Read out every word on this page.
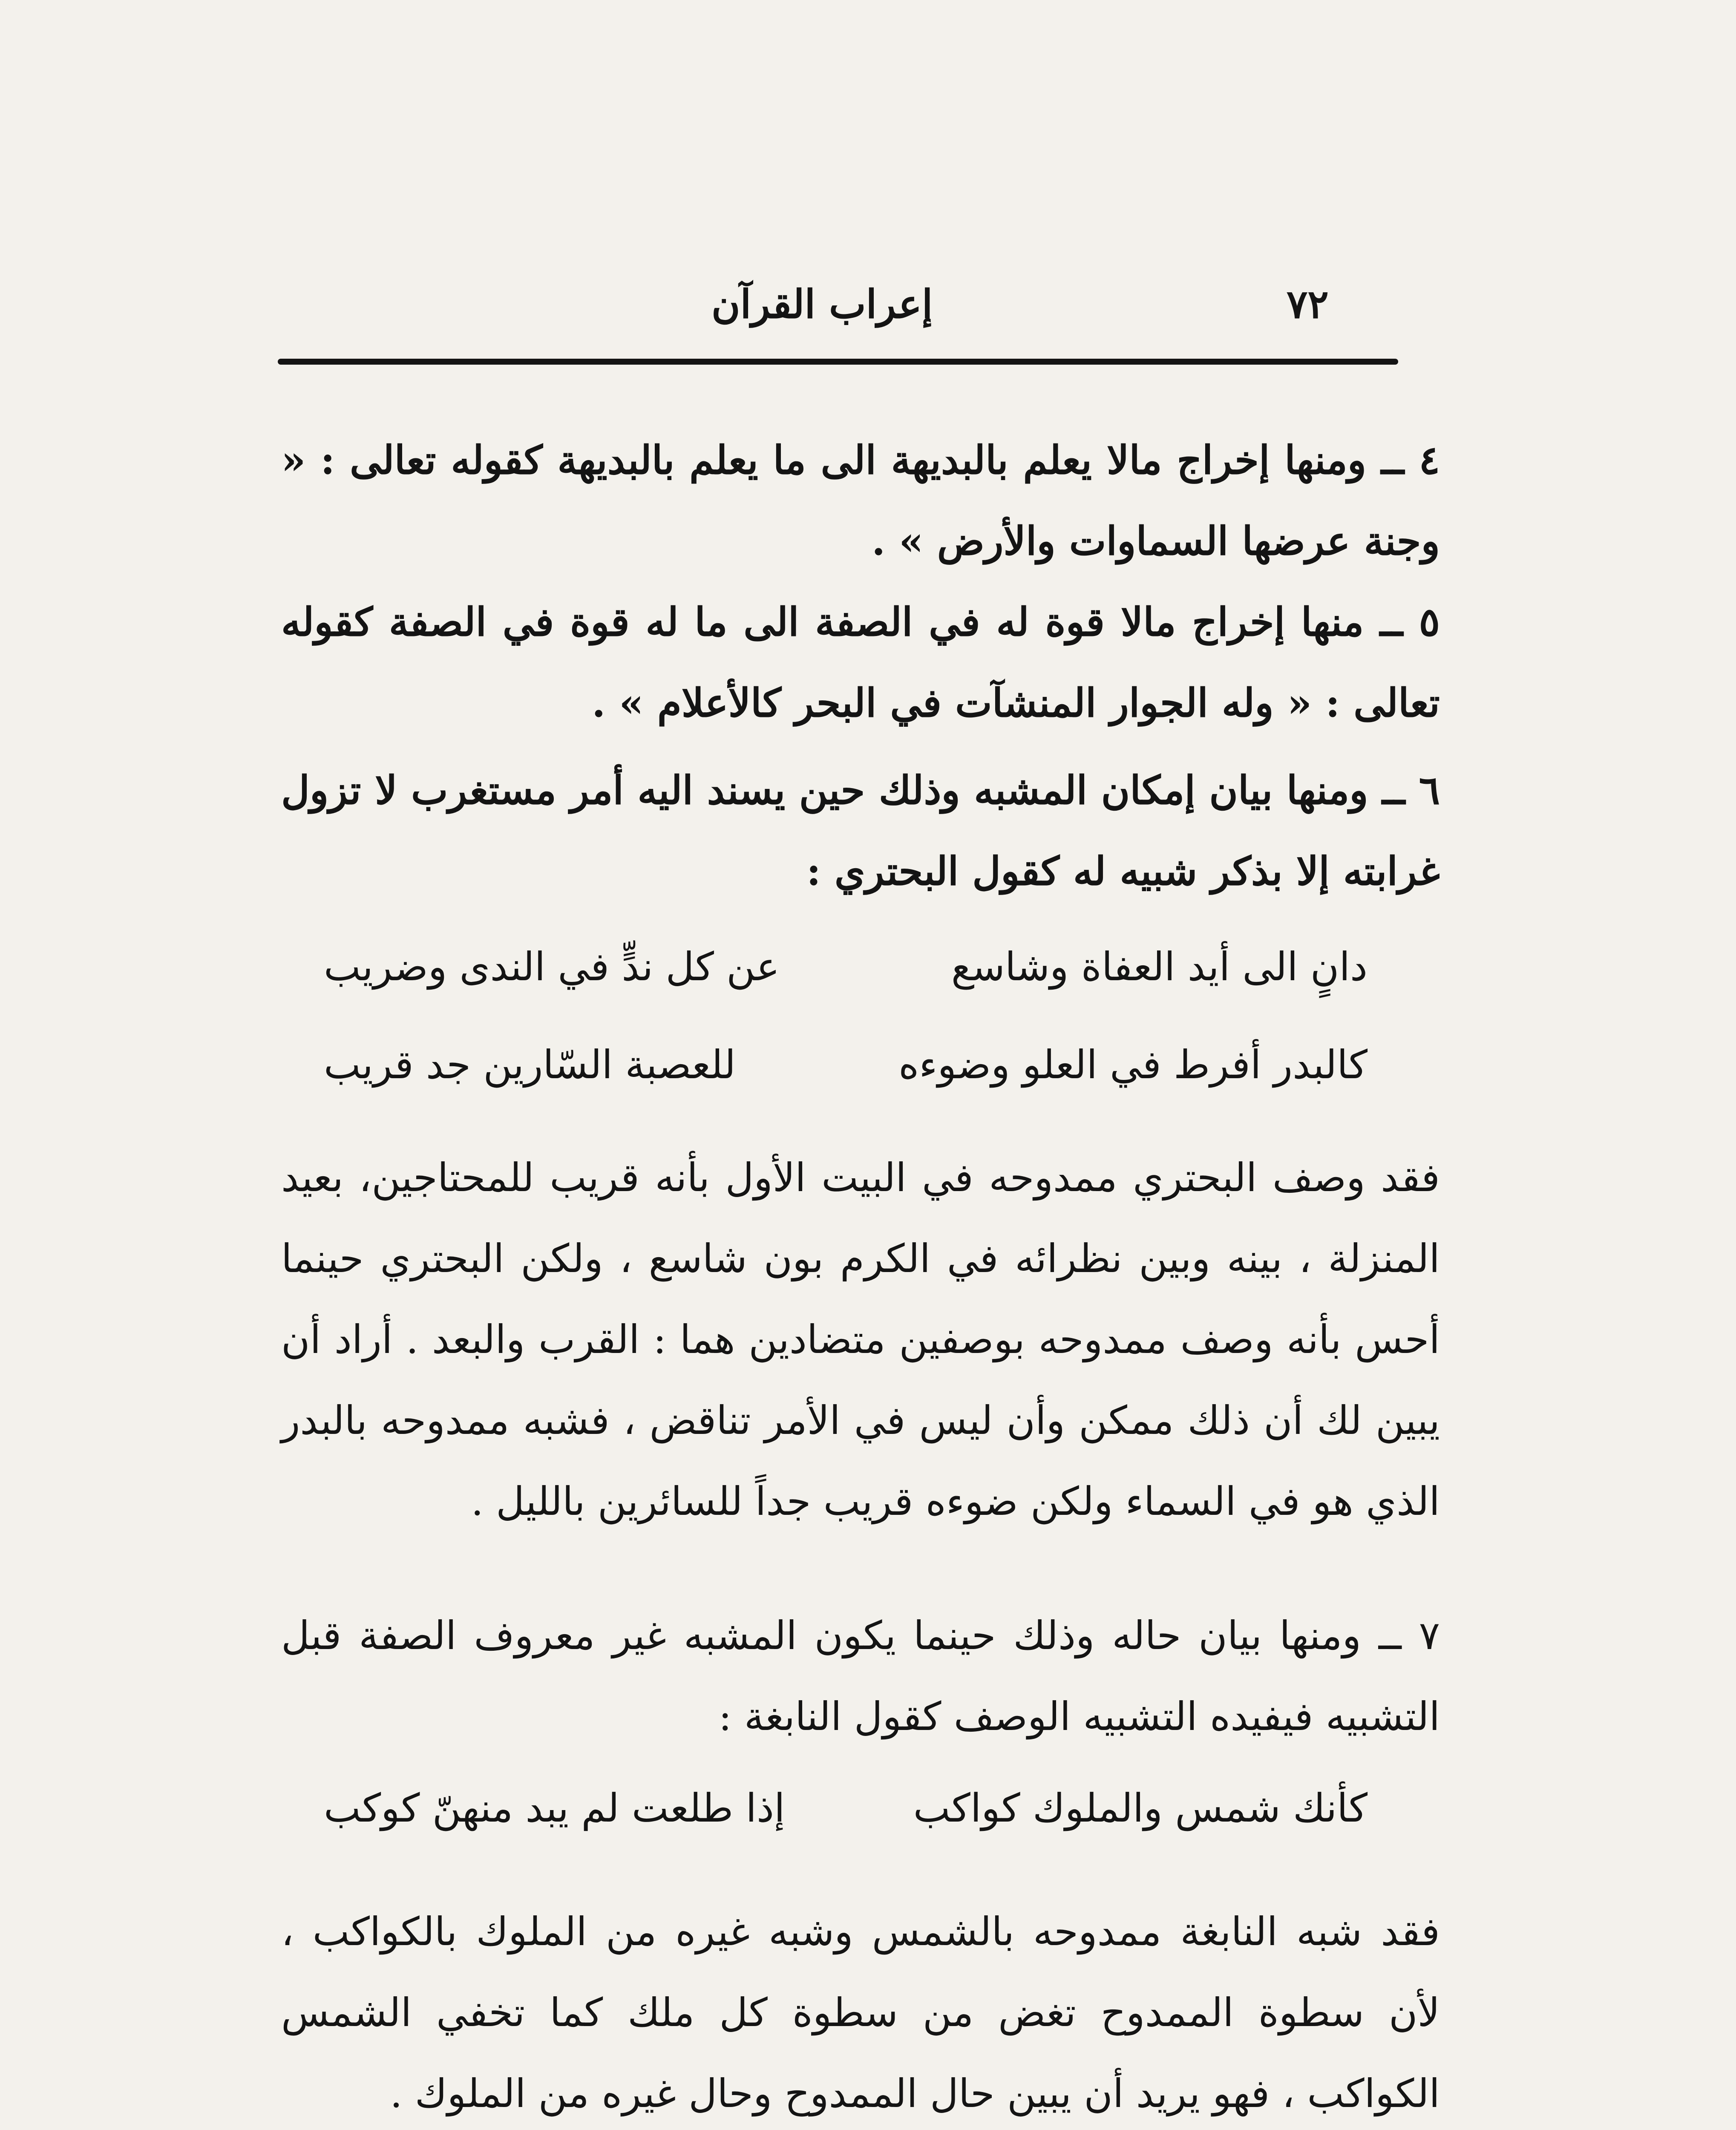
٧٢
إعراب القرآن

٤ ــ ومنها إخراج مالا يعلم بالبديهة الى ما يعلم بالبديهة كقوله تعالى : « وجنة عرضها السماوات والأرض » .

٥ ــ منها إخراج مالا قوة له في الصفة الى ما له قوة في الصفة كقوله تعالى : « وله الجوار المنشآت في البحر كالأعلام » .

٦ ــ ومنها بيان إمكان المشبه وذلك حين يسند اليه أمر مستغرب لا تزول غرابته إلا بذكر شبيه له كقول البحتري :

دانٍ الى أيد العفاة وشاسع
عن كل ندٍّ في الندى وضريب
كالبدر أفرط في العلو وضوءه
للعصبة السّارين جد قريب

فقد وصف البحتري ممدوحه في البيت الأول بأنه قريب للمحتاجين، بعيد المنزلة ، بينه وبين نظرائه في الكرم بون شاسع ، ولكن البحتري حينما أحس بأنه وصف ممدوحه بوصفين متضادين هما : القرب والبعد . أراد أن يبين لك أن ذلك ممكن وأن ليس في الأمر تناقض ، فشبه ممدوحه بالبدر الذي هو في السماء ولكن ضوءه قريب جداً للسائرين بالليل .

٧ ــ ومنها بيان حاله وذلك حينما يكون المشبه غير معروف الصفة قبل التشبيه فيفيده التشبيه الوصف كقول النابغة :

كأنك شمس والملوك كواكب
إذا طلعت لم يبد منهنّ كوكب

فقد شبه النابغة ممدوحه بالشمس وشبه غيره من الملوك بالكواكب ، لأن سطوة الممدوح تغض من سطوة كل ملك كما تخفي الشمس الكواكب ، فهو يريد أن يبين حال الممدوح وحال غيره من الملوك .
